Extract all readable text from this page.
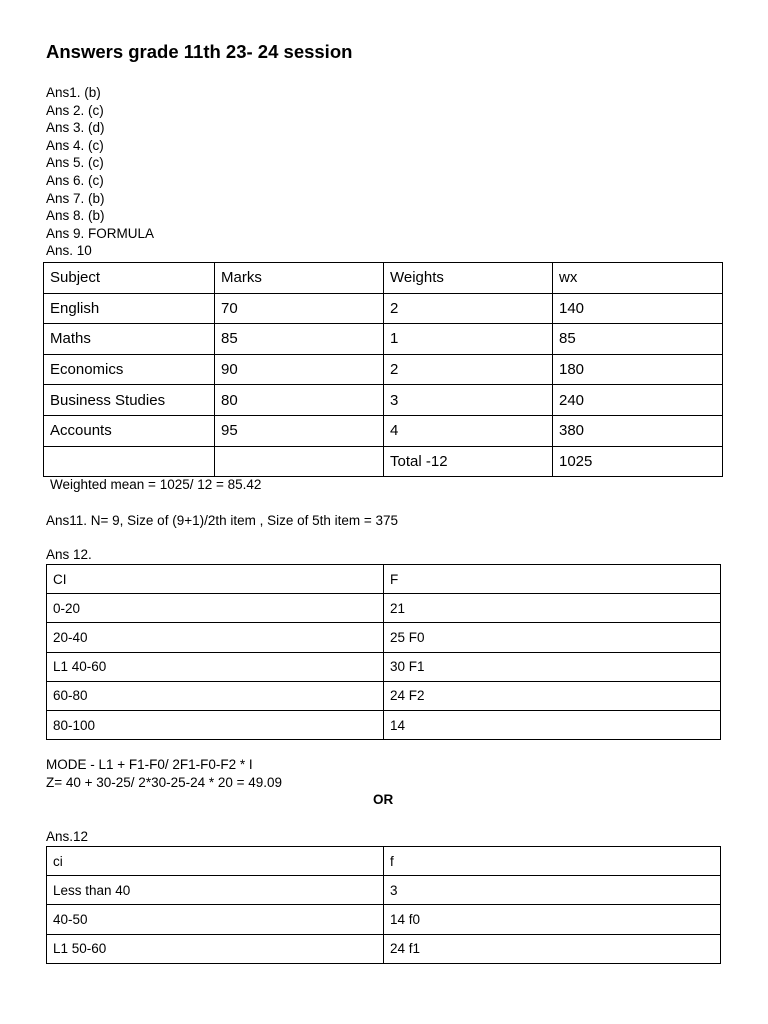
Answers grade 11th 23- 24 session
Ans1. (b)
Ans 2. (c)
Ans 3. (d)
Ans 4. (c)
Ans 5. (c)
Ans 6. (c)
Ans 7. (b)
Ans 8. (b)
Ans 9. FORMULA
Ans. 10
Subject	Marks	Weights	wx
English	70	2	140
Maths	85	1	85
Economics	90	2	180
Business Studies	80	3	240
Accounts	95	4	380
		Total -12	1025

Weighted mean = 1025/ 12 = 85.42

Ans11. N= 9, Size of (9+1)/2th item , Size of 5th item = 375

Ans 12.

CI	F
0-20	21
20-40	25 F0
L1 40-60	30 F1
60-80	24 F2
80-100	14

MODE - L1 + F1-F0/ 2F1-F0-F2 * I

Z= 40 + 30-25/ 2*30-25-24 * 20 = 49.09

OR

Ans.12

ci	f
Less than 40	3
40-50	14 f0
L1 50-60	24 f1
